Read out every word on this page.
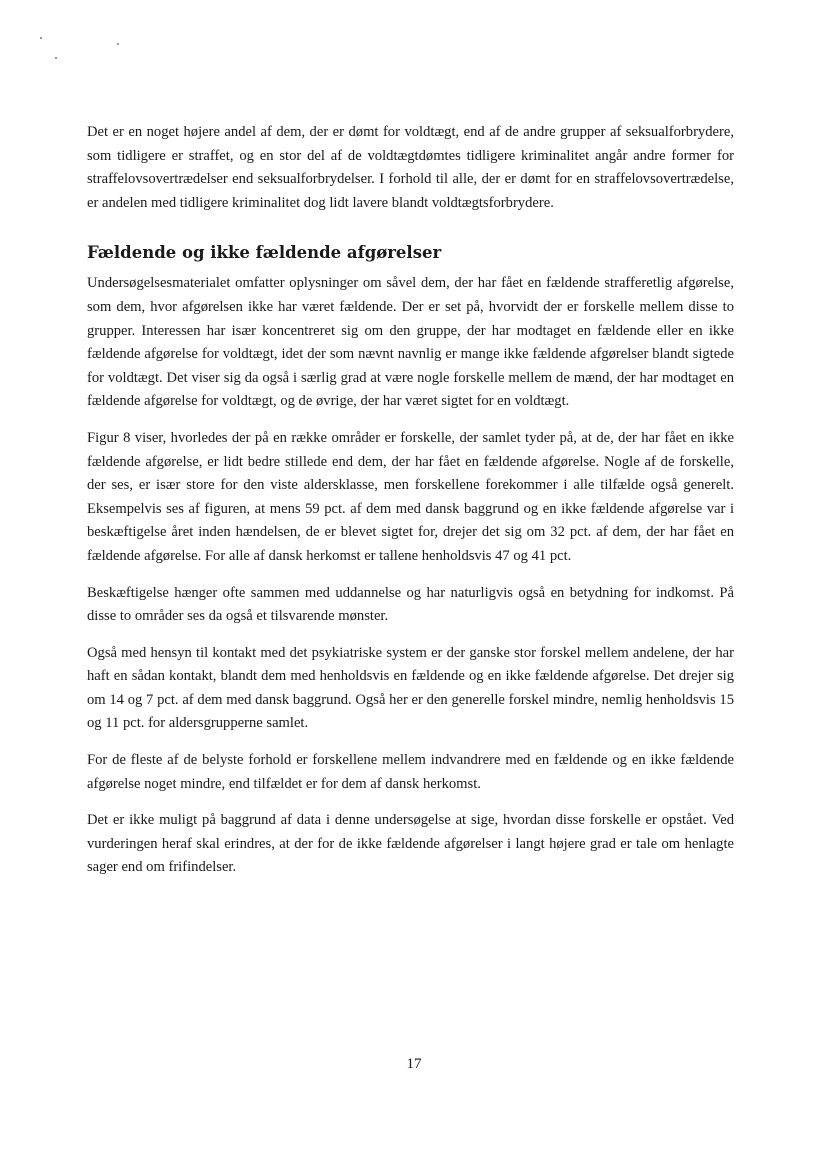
Det er en noget højere andel af dem, der er dømt for voldtægt, end af de andre grupper af seksualforbrydere, som tidligere er straffet, og en stor del af de voldtægtdømtes tidligere kriminalitet angår andre former for straffelovsovertrædelser end seksualforbrydelser. I forhold til alle, der er dømt for en straffelovsovertrædelse, er andelen med tidligere kriminalitet dog lidt lavere blandt voldtægtsforbrydere.

Fældende og ikke fældende afgørelser

Undersøgelsesmaterialet omfatter oplysninger om såvel dem, der har fået en fældende strafferetlig afgørelse, som dem, hvor afgørelsen ikke har været fældende. Der er set på, hvorvidt der er forskelle mellem disse to grupper. Interessen har især koncentreret sig om den gruppe, der har modtaget en fældende eller en ikke fældende afgørelse for voldtægt, idet der som nævnt navnlig er mange ikke fældende afgørelser blandt sigtede for voldtægt. Det viser sig da også i særlig grad at være nogle forskelle mellem de mænd, der har modtaget en fældende afgørelse for voldtægt, og de øvrige, der har været sigtet for en voldtægt.

Figur 8 viser, hvorledes der på en række områder er forskelle, der samlet tyder på, at de, der har fået en ikke fældende afgørelse, er lidt bedre stillede end dem, der har fået en fældende afgørelse. Nogle af de forskelle, der ses, er især store for den viste aldersklasse, men forskellene forekommer i alle tilfælde også generelt. Eksempelvis ses af figuren, at mens 59 pct. af dem med dansk baggrund og en ikke fældende afgørelse var i beskæftigelse året inden hændelsen, de er blevet sigtet for, drejer det sig om 32 pct. af dem, der har fået en fældende afgørelse. For alle af dansk herkomst er tallene henholdsvis 47 og 41 pct.

Beskæftigelse hænger ofte sammen med uddannelse og har naturligvis også en betydning for indkomst. På disse to områder ses da også et tilsvarende mønster.

Også med hensyn til kontakt med det psykiatriske system er der ganske stor forskel mellem andelene, der har haft en sådan kontakt, blandt dem med henholdsvis en fældende og en ikke fældende afgørelse. Det drejer sig om 14 og 7 pct. af dem med dansk baggrund. Også her er den generelle forskel mindre, nemlig henholdsvis 15 og 11 pct. for aldersgrupperne samlet.

For de fleste af de belyste forhold er forskellene mellem indvandrere med en fældende og en ikke fældende afgørelse noget mindre, end tilfældet er for dem af dansk herkomst.

Det er ikke muligt på baggrund af data i denne undersøgelse at sige, hvordan disse forskelle er opstået. Ved vurderingen heraf skal erindres, at der for de ikke fældende afgørelser i langt højere grad er tale om henlagte sager end om frifindelser.

17
